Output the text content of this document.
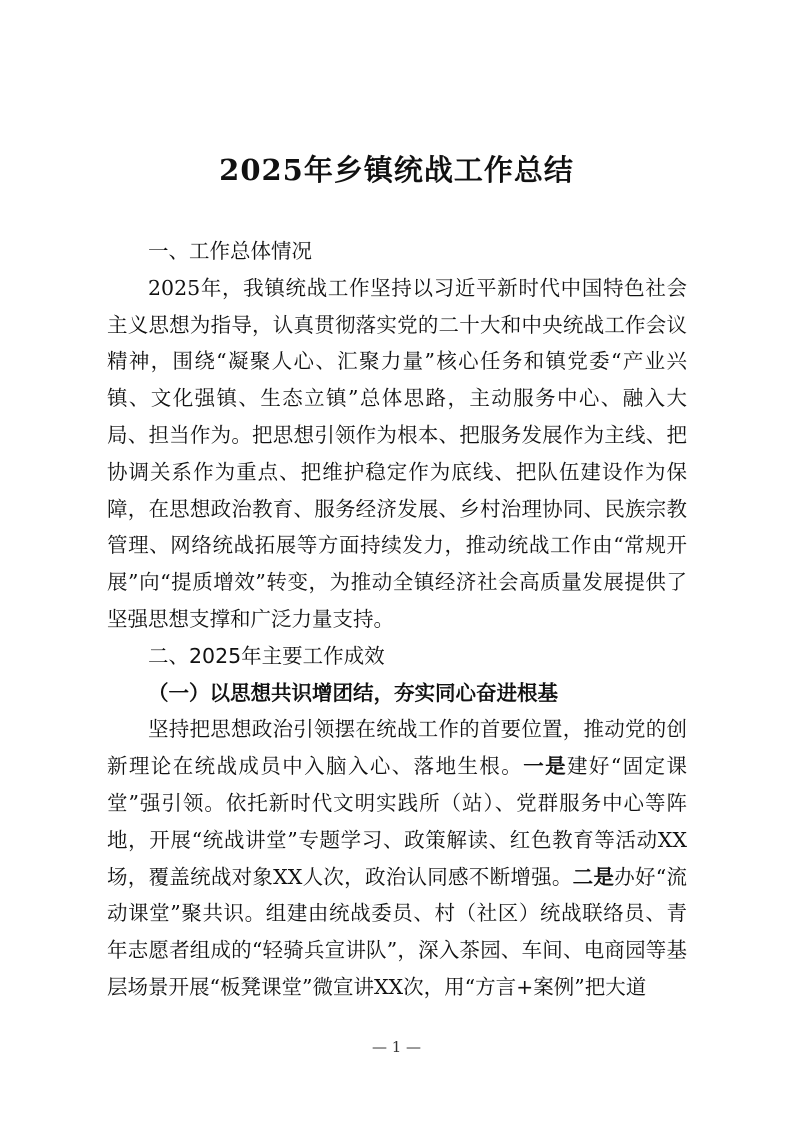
2025年乡镇统战工作总结

一、工作总体情况

2025年，我镇统战工作坚持以习近平新时代中国特色社会主义思想为指导，认真贯彻落实党的二十大和中央统战工作会议精神，围绕“凝聚人心、汇聚力量”核心任务和镇党委“产业兴镇、文化强镇、生态立镇”总体思路，主动服务中心、融入大局、担当作为。把思想引领作为根本、把服务发展作为主线、把协调关系作为重点、把维护稳定作为底线、把队伍建设作为保障，在思想政治教育、服务经济发展、乡村治理协同、民族宗教管理、网络统战拓展等方面持续发力，推动统战工作由“常规开展”向“提质增效”转变，为推动全镇经济社会高质量发展提供了坚强思想支撑和广泛力量支持。

二、2025年主要工作成效

（一）以思想共识增团结，夯实同心奋进根基

坚持把思想政治引领摆在统战工作的首要位置，推动党的创新理论在统战成员中入脑入心、落地生根。一是建好“固定课堂”强引领。依托新时代文明实践所（站）、党群服务中心等阵地，开展“统战讲堂”专题学习、政策解读、红色教育等活动XX场，覆盖统战对象XX人次，政治认同感不断增强。二是办好“流动课堂”聚共识。组建由统战委员、村（社区）统战联络员、青年志愿者组成的“轻骑兵宣讲队”，深入茶园、车间、电商园等基层场景开展“板凳课堂”微宣讲XX次，用“方言+案例”把大道

— 1 —
